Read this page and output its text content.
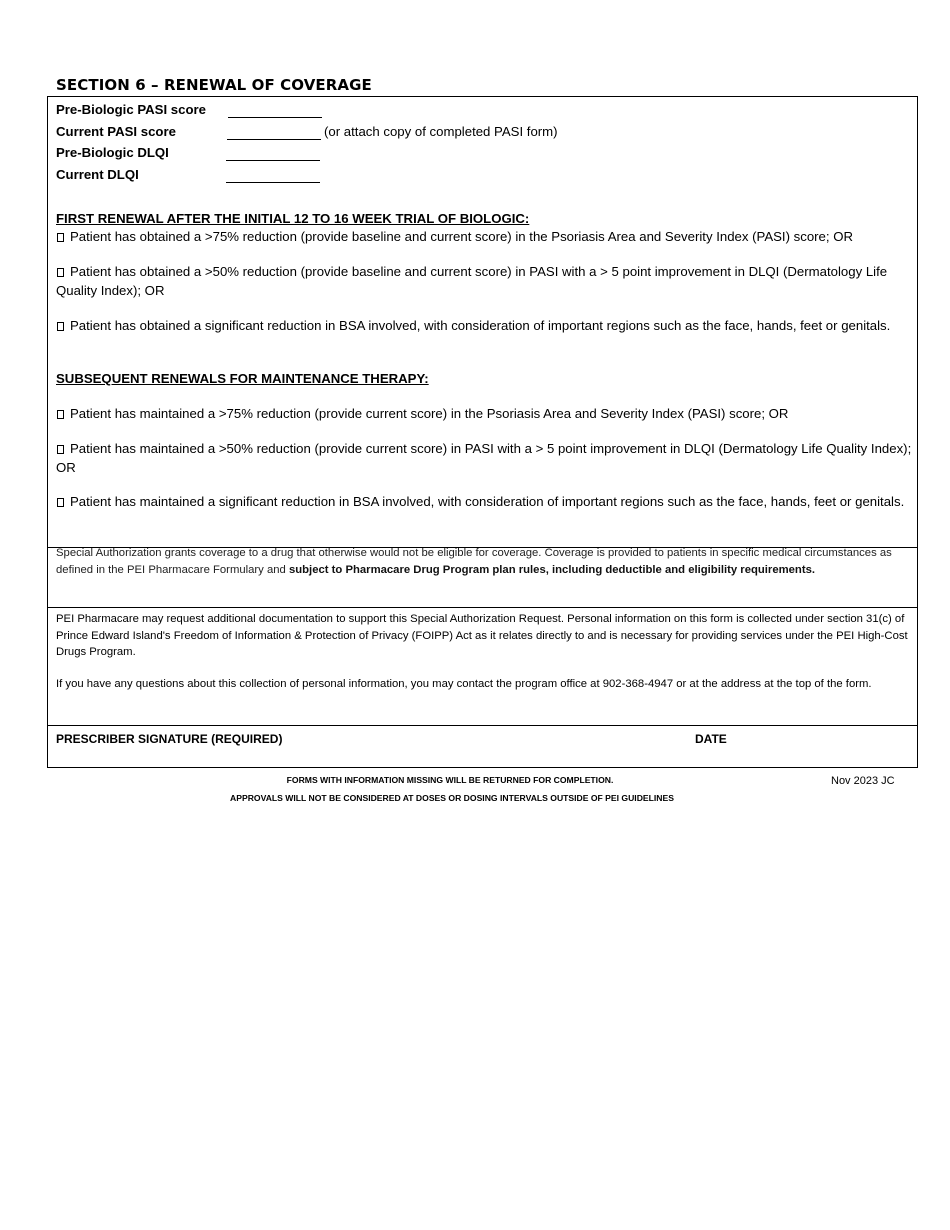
SECTION 6 – RENEWAL OF COVERAGE
Pre-Biologic PASI score
Current PASI score	(or attach copy of completed PASI form)
Pre-Biologic DLQI
Current DLQI
FIRST RENEWAL AFTER THE INITIAL 12 TO 16 WEEK TRIAL OF BIOLOGIC:
Patient has obtained a >75% reduction (provide baseline and current score) in the Psoriasis Area and Severity Index (PASI) score; OR
Patient has obtained a >50% reduction (provide baseline and current score) in PASI with a > 5 point improvement in DLQI (Dermatology Life Quality Index); OR
Patient has obtained a significant reduction in BSA involved, with consideration of important regions such as the face, hands, feet or genitals.
SUBSEQUENT RENEWALS FOR MAINTENANCE THERAPY:
Patient has maintained a >75% reduction (provide current score) in the Psoriasis Area and Severity Index (PASI) score; OR
Patient has maintained a >50% reduction (provide current score) in PASI with a > 5 point improvement in DLQI (Dermatology Life Quality Index); OR
Patient has maintained a significant reduction in BSA involved, with consideration of important regions such as the face, hands, feet or genitals.
Special Authorization grants coverage to a drug that otherwise would not be eligible for coverage. Coverage is provided to patients in specific medical circumstances as defined in the PEI Pharmacare Formulary and subject to Pharmacare Drug Program plan rules, including deductible and eligibility requirements.
PEI Pharmacare may request additional documentation to support this Special Authorization Request. Personal information on this form is collected under section 31(c) of Prince Edward Island's Freedom of Information & Protection of Privacy (FOIPP) Act as it relates directly to and is necessary for providing services under the PEI High-Cost Drugs Program.
If you have any questions about this collection of personal information, you may contact the program office at 902-368-4947 or at the address at the top of the form.
PRESCRIBER SIGNATURE (REQUIRED)	DATE
FORMS WITH INFORMATION MISSING WILL BE RETURNED FOR COMPLETION.
APPROVALS WILL NOT BE CONSIDERED AT DOSES OR DOSING INTERVALS OUTSIDE OF PEI GUIDELINES
Nov 2023 JC
